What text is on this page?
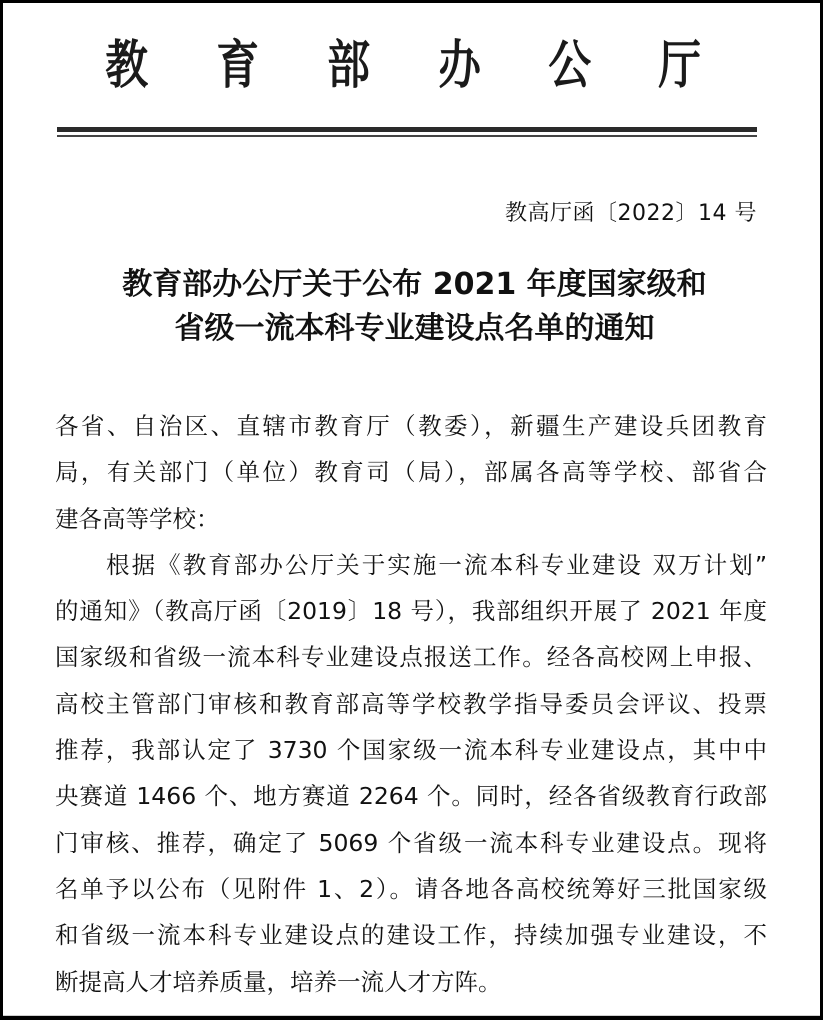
教 育 部 办 公 厅
教高厅函〔2022〕14 号
教育部办公厅关于公布 2021 年度国家级和
省级一流本科专业建设点名单的通知
各省、自治区、直辖市教育厅（教委），新疆生产建设兵团教育
局，有关部门（单位）教育司（局），部属各高等学校、部省合
建各高等学校：
根据《教育部办公厅关于实施一流本科专业建设 双万计划”
的通知》（教高厅函〔2019〕18 号），我部组织开展了 2021 年度
国家级和省级一流本科专业建设点报送工作。经各高校网上申报、
高校主管部门审核和教育部高等学校教学指导委员会评议、投票
推荐，我部认定了 3730 个国家级一流本科专业建设点，其中中
央赛道 1466 个、地方赛道 2264 个。同时，经各省级教育行政部
门审核、推荐，确定了 5069 个省级一流本科专业建设点。现将
名单予以公布（见附件 1、2）。请各地各高校统筹好三批国家级
和省级一流本科专业建设点的建设工作，持续加强专业建设，不
断提高人才培养质量，培养一流人才方阵。
